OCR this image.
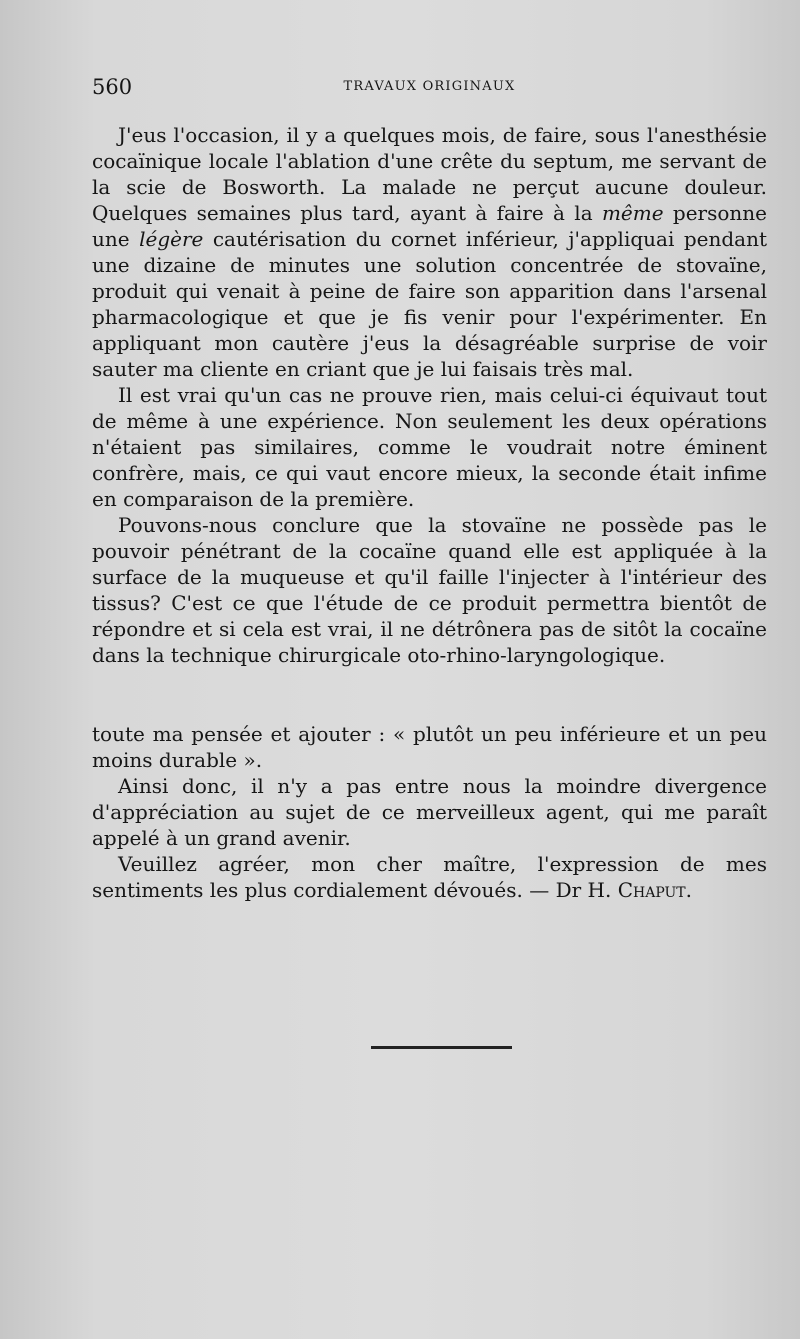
560	TRAVAUX ORIGINAUX

J'eus l'occasion, il y a quelques mois, de faire, sous l'anesthésie cocaïnique locale l'ablation d'une crête du septum, me servant de la scie de Bosworth. La malade ne perçut aucune douleur. Quelques semaines plus tard, ayant à faire à la même personne une légère cautérisation du cornet inférieur, j'appliquai pendant une dizaine de minutes une solution concentrée de stovaïne, produit qui venait à peine de faire son apparition dans l'arsenal pharmacologique et que je fis venir pour l'expérimenter. En appliquant mon cautère j'eus la désagréable surprise de voir sauter ma cliente en criant que je lui faisais très mal.

Il est vrai qu'un cas ne prouve rien, mais celui-ci équivaut tout de même à une expérience. Non seulement les deux opérations n'étaient pas similaires, comme le voudrait notre éminent confrère, mais, ce qui vaut encore mieux, la seconde était infime en comparaison de la première.

Pouvons-nous conclure que la stovaïne ne possède pas le pouvoir pénétrant de la cocaïne quand elle est appliquée à la surface de la muqueuse et qu'il faille l'injecter à l'intérieur des tissus? C'est ce que l'étude de ce produit permettra bientôt de répondre et si cela est vrai, il ne détrônera pas de sitôt la cocaïne dans la technique chirurgicale oto-rhino-laryngologique.

toute ma pensée et ajouter : « plutôt un peu inférieure et un peu moins durable ».

Ainsi donc, il n'y a pas entre nous la moindre divergence d'appréciation au sujet de ce merveilleux agent, qui me paraît appelé à un grand avenir.

Veuillez agréer, mon cher maître, l'expression de mes sentiments les plus cordialement dévoués. — Dr H. Chaput.
